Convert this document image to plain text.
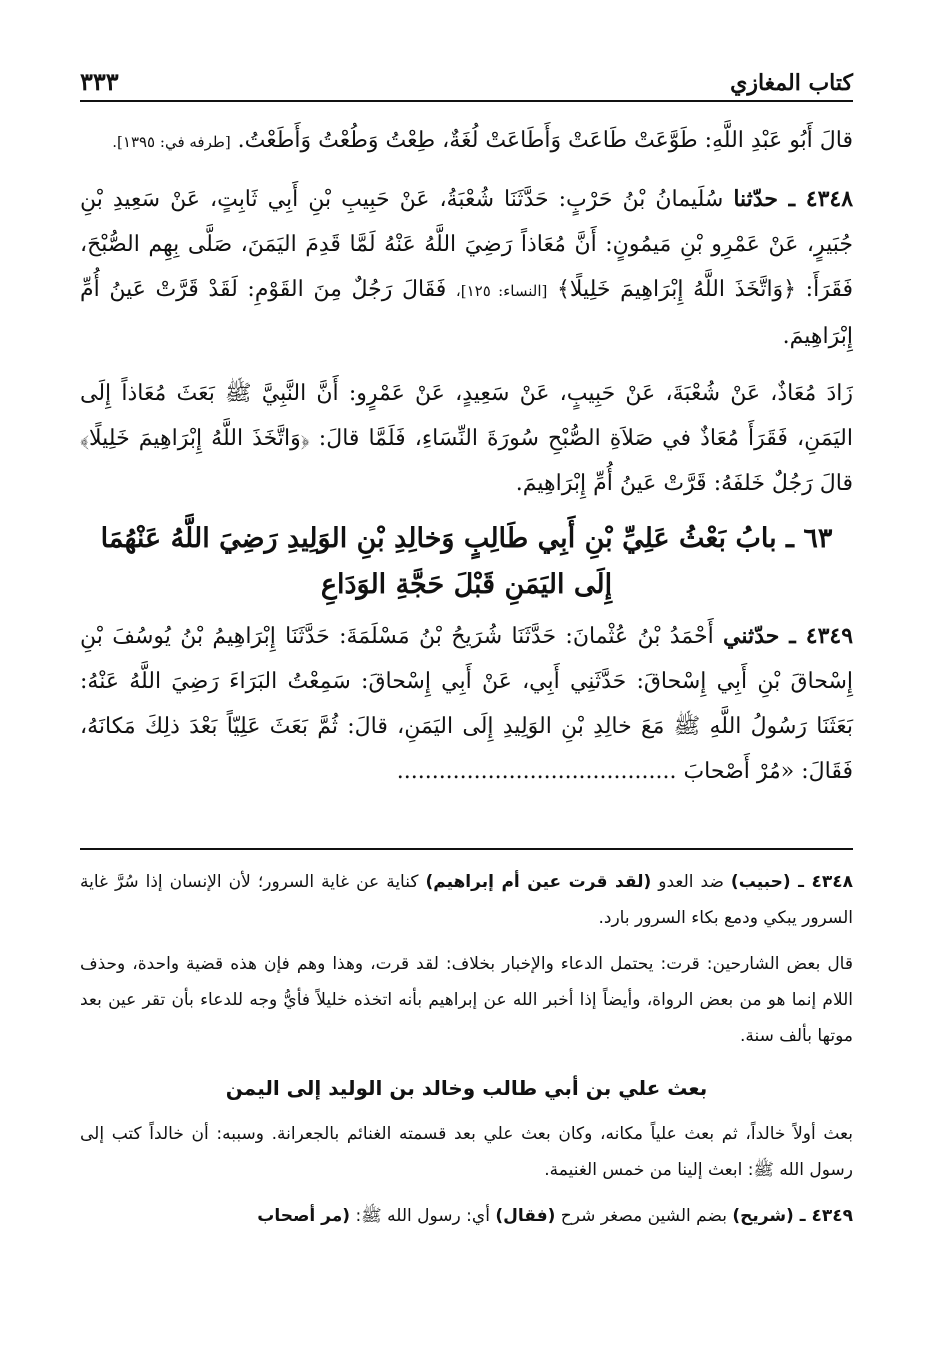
كتاب المغازي
٣٣٣

قالَ أَبُو عَبْدِ اللَّهِ: طَوَّعَتْ طَاعَتْ وَأَطَاعَتْ لُغَةٌ، طِعْتُ وَطُعْتُ وَأَطَعْتُ. [طرفه في: ١٣٩٥].

٤٣٤٨ ـ حدّثنا سُلَيمانُ بْنُ حَرْبٍ: حَدَّثَنَا شُعْبَةُ، عَنْ حَبِيبِ بْنِ أَبِي ثَابِتٍ، عَنْ سَعِيدِ بْنِ جُبَيرٍ، عَنْ عَمْرِو بْنِ مَيمُونٍ: أَنَّ مُعَاذاً رَضِيَ اللَّهُ عَنْهُ لَمَّا قَدِمَ اليَمَنَ، صَلَّى بِهِم الصُّبْحَ، فَقَرَأَ: ﴿وَاتَّخَذَ اللَّهُ إِبْرَاهِيمَ خَلِيلًا﴾ [النساء: ١٢٥]، فَقَالَ رَجُلٌ مِنَ القَوْمِ: لَقَدْ قَرَّتْ عَينُ أُمِّ إِبْرَاهِيمَ.

زَادَ مُعَاذٌ، عَنْ شُعْبَةَ، عَنْ حَبِيبٍ، عَنْ سَعِيدٍ، عَنْ عَمْرٍو: أَنَّ النَّبِيَّ ﷺ بَعَثَ مُعَاذاً إِلَى اليَمَنِ، فَقَرَأَ مُعَاذٌ في صَلاَةِ الصُّبْحِ سُورَةَ النِّسَاءِ، فَلَمَّا قالَ: ﴿وَاتَّخَذَ اللَّهُ إِبْرَاهِيمَ خَلِيلًا﴾ قالَ رَجُلٌ خَلفَهُ: قَرَّتْ عَينُ أُمِّ إِبْرَاهِيمَ.

٦٣ ـ بابُ بَعْثُ عَلِيِّ بْنِ أَبِي طَالِبٍ وَخالِدِ بْنِ الوَلِيدِ رَضِيَ اللَّهُ عَنْهُمَا إِلَى اليَمَنِ قَبْلَ حَجَّةِ الوَدَاعِ

٤٣٤٩ ـ حدّثني أَحْمَدُ بْنُ عُثْمانَ: حَدَّثَنَا شُرَيحُ بْنُ مَسْلَمَةَ: حَدَّثَنَا إِبْرَاهِيمُ بْنُ يُوسُفَ بْنِ إِسْحاقَ بْنِ أَبِي إِسْحاقَ: حَدَّثَنِي أَبِي، عَنْ أَبِي إِسْحاقَ: سَمِعْتُ البَرَاءَ رَضِيَ اللَّهُ عَنْهُ: بَعَثَنَا رَسُولُ اللَّهِ ﷺ مَعَ خالِدِ بْنِ الوَلِيدِ إِلَى اليَمَنِ، قالَ: ثُمَّ بَعَثَ عَلِيّاً بَعْدَ ذلِكَ مَكانَهُ، فَقَالَ: «مُرْ أَصْحابَ ........................................

٤٣٤٨ ـ (حبيب) ضد العدو (لقد قرت عين أم إبراهيم) كناية عن غاية السرور؛ لأن الإنسان إذا سُرَّ غاية السرور يبكي ودمع بكاء السرور بارد.

قال بعض الشارحين: قرت: يحتمل الدعاء والإخبار بخلاف: لقد قرت، وهذا وهم فإن هذه قضية واحدة، وحذف اللام إنما هو من بعض الرواة، وأيضاً إذا أخبر الله عن إبراهيم بأنه اتخذه خليلاً فأيُّ وجه للدعاء بأن تقر عين بعد موتها بألف سنة.

بعث علي بن أبي طالب وخالد بن الوليد إلى اليمن

بعث أولاً خالداً، ثم بعث علياً مكانه، وكان بعث علي بعد قسمته الغنائم بالجعرانة. وسببه: أن خالداً كتب إلى رسول الله ﷺ: ابعث إلينا من خمس الغنيمة.

٤٣٤٩ ـ (شريح) بضم الشين مصغر شرح (فقال) أي: رسول الله ﷺ: (مر أصحاب
